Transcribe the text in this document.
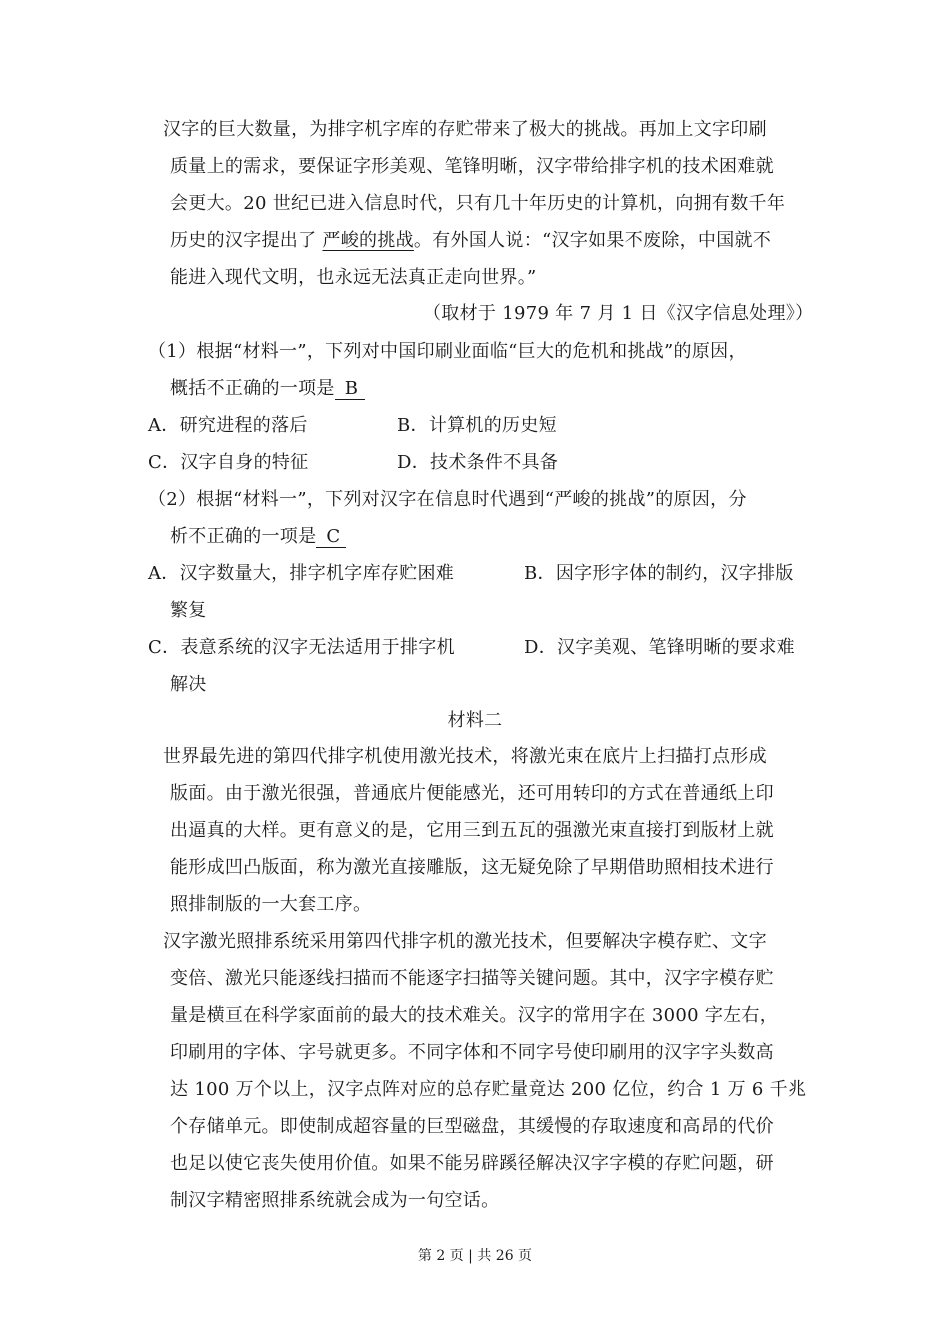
汉字的巨大数量，为排字机字库的存贮带来了极大的挑战。再加上文字印刷
质量上的需求，要保证字形美观、笔锋明晰，汉字带给排字机的技术困难就
会更大。20 世纪已进入信息时代，只有几十年历史的计算机，向拥有数千年
历史的汉字提出了 严峻的挑战。有外国人说：“汉字如果不废除，中国就不
能进入现代文明，也永远无法真正走向世界。”
（取材于 1979 年 7 月 1 日《汉字信息处理》）
（1）根据“材料一”，下列对中国印刷业面临“巨大的危机和挑战”的原因，
概括不正确的一项是 B
A．研究进程的落后	B．计算机的历史短
C．汉字自身的特征	D．技术条件不具备
（2）根据“材料一”，下列对汉字在信息时代遇到“严峻的挑战”的原因，分
析不正确的一项是 C
A．汉字数量大，排字机字库存贮困难	B．因字形字体的制约，汉字排版
繁复
C．表意系统的汉字无法适用于排字机	D．汉字美观、笔锋明晰的要求难
解决
材料二
世界最先进的第四代排字机使用激光技术，将激光束在底片上扫描打点形成
版面。由于激光很强，普通底片便能感光，还可用转印的方式在普通纸上印
出逼真的大样。更有意义的是，它用三到五瓦的强激光束直接打到版材上就
能形成凹凸版面，称为激光直接雕版，这无疑免除了早期借助照相技术进行
照排制版的一大套工序。
汉字激光照排系统采用第四代排字机的激光技术，但要解决字模存贮、文字
变倍、激光只能逐线扫描而不能逐字扫描等关键问题。其中，汉字字模存贮
量是横亘在科学家面前的最大的技术难关。汉字的常用字在 3000 字左右，
印刷用的字体、字号就更多。不同字体和不同字号使印刷用的汉字字头数高
达 100 万个以上，汉字点阵对应的总存贮量竟达 200 亿位，约合 1 万 6 千兆
个存储单元。即使制成超容量的巨型磁盘，其缓慢的存取速度和高昂的代价
也足以使它丧失使用价值。如果不能另辟蹊径解决汉字字模的存贮问题，研
制汉字精密照排系统就会成为一句空话。
第 2 页 | 共 26 页
